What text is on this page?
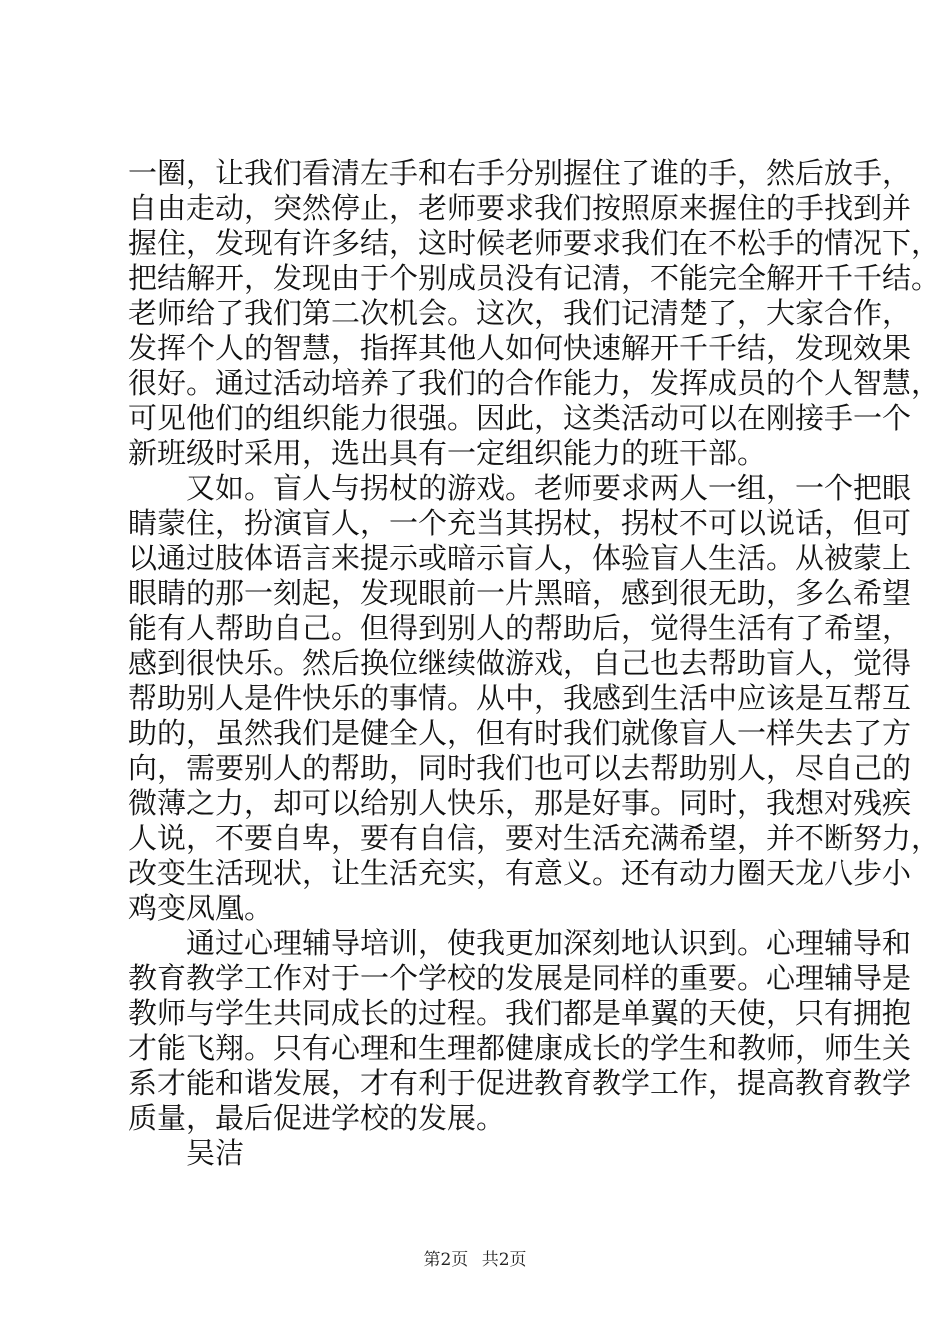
一圈，让我们看清左手和右手分别握住了谁的手，然后放手，
自由走动，突然停止，老师要求我们按照原来握住的手找到并
握住，发现有许多结，这时候老师要求我们在不松手的情况下，
把结解开，发现由于个别成员没有记清，不能完全解开千千结。
老师给了我们第二次机会。这次，我们记清楚了，大家合作，
发挥个人的智慧，指挥其他人如何快速解开千千结，发现效果
很好。通过活动培养了我们的合作能力，发挥成员的个人智慧，
可见他们的组织能力很强。因此，这类活动可以在刚接手一个
新班级时采用，选出具有一定组织能力的班干部。
又如。盲人与拐杖的游戏。老师要求两人一组，一个把眼
睛蒙住，扮演盲人，一个充当其拐杖，拐杖不可以说话，但可
以通过肢体语言来提示或暗示盲人，体验盲人生活。从被蒙上
眼睛的那一刻起，发现眼前一片黑暗，感到很无助，多么希望
能有人帮助自己。但得到别人的帮助后，觉得生活有了希望，
感到很快乐。然后换位继续做游戏，自己也去帮助盲人，觉得
帮助别人是件快乐的事情。从中，我感到生活中应该是互帮互
助的，虽然我们是健全人，但有时我们就像盲人一样失去了方
向，需要别人的帮助，同时我们也可以去帮助别人，尽自己的
微薄之力，却可以给别人快乐，那是好事。同时，我想对残疾
人说，不要自卑，要有自信，要对生活充满希望，并不断努力，
改变生活现状，让生活充实，有意义。还有动力圈天龙八步小
鸡变凤凰。
通过心理辅导培训，使我更加深刻地认识到。心理辅导和
教育教学工作对于一个学校的发展是同样的重要。心理辅导是
教师与学生共同成长的过程。我们都是单翼的天使，只有拥抱
才能飞翔。只有心理和生理都健康成长的学生和教师，师生关
系才能和谐发展，才有利于促进教育教学工作，提高教育教学
质量，最后促进学校的发展。
吴洁
第2页 共2页
